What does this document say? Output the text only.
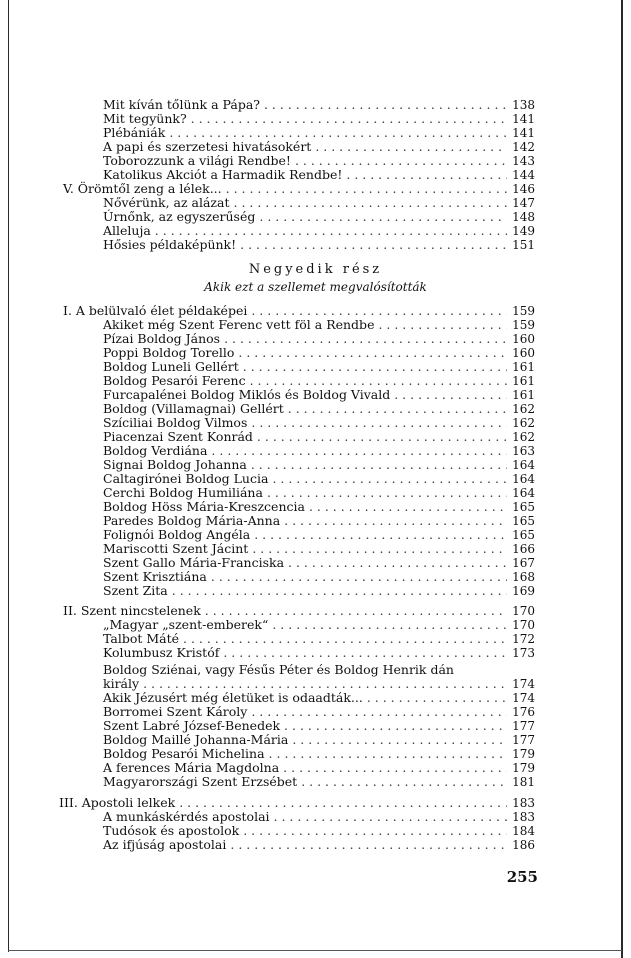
Mit kíván tőlünk a Pápa? . . .	138
Mit tegyünk? . . .	141
Plébániák . . .	141
A papi és szerzetesi hivatásokért . . .	142
Toborozzunk a világi Rendbe! . . .	143
Katolikus Akciót a Harmadik Rendbe! . . .	144
V. Örömtől zeng a lélek... . . .	146
Nővérünk, az alázat . . .	147
Úrnőnk, az egyszerűség . . .	148
Alleluja . . .	149
Hősies példaképünk! . . .	151
Negyedik rész
Akik ezt a szellemet megvalósították
I. A belülvaló élet példaképei . . .	159
Akiket még Szent Ferenc vett föl a Rendbe . . .	159
Pízai Boldog János . . .	160
Poppi Boldog Torello . . .	160
Boldog Luneli Gellért . . .	161
Boldog Pesarói Ferenc . . .	161
Furcapalénei Boldog Miklós és Boldog Vivald . . .	161
Boldog (Villamagnai) Gellért . . .	162
Szíciliai Boldog Vilmos . . .	162
Piacenzai Szent Konrád . . .	162
Boldog Verdiána . . .	163
Signai Boldog Johanna . . .	164
Caltagirónei Boldog Lucia . . .	164
Cerchi Boldog Humiliána . . .	164
Boldog Höss Mária-Kreszcencia . . .	165
Paredes Boldog Mária-Anna . . .	165
Folignói Boldog Angéla . . .	165
Mariscotti Szent Jácint . . .	166
Szent Gallo Mária-Franciska . . .	167
Szent Krisztiána . . .	168
Szent Zita . . .	169
II. Szent nincstelenek . . .	170
„Magyar „szent-emberek“ . . .	170
Talbot Máté . . .	172
Kolumbusz Kristóf . . .	173
Boldog Sziénai, vagy Fésűs Péter és Boldog Henrik dán
király . . .	174
Akik Jézusért még életüket is odaadták... . . .	174
Borromei Szent Károly . . .	176
Szent Labré József-Benedek . . .	177
Boldog Maillé Johanna-Mária . . .	177
Boldog Pesarói Michelina . . .	179
A ferences Mária Magdolna . . .	179
Magyarországi Szent Erzsébet . . .	181
III. Apostoli lelkek . . .	183
A munkáskérdés apostolai . . .	183
Tudósok és apostolok . . .	184
Az ifjúság apostolai . . .	186
255
